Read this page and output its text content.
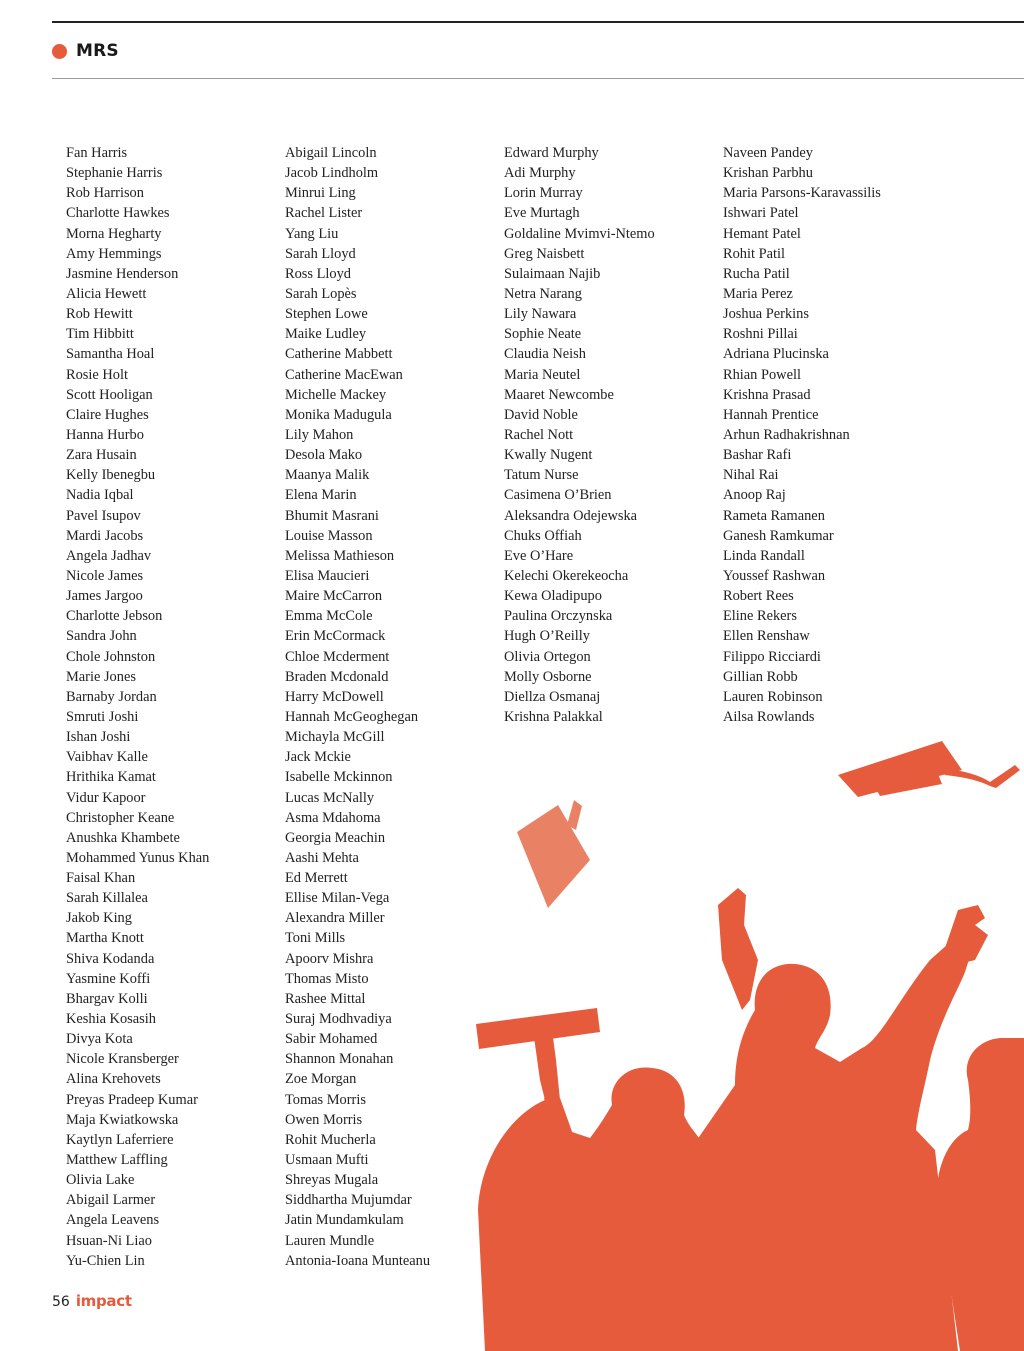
MRS
Fan Harris
Stephanie Harris
Rob Harrison
Charlotte Hawkes
Morna Hegharty
Amy Hemmings
Jasmine Henderson
Alicia Hewett
Rob Hewitt
Tim Hibbitt
Samantha Hoal
Rosie Holt
Scott Hooligan
Claire Hughes
Hanna Hurbo
Zara Husain
Kelly Ibenegbu
Nadia Iqbal
Pavel Isupov
Mardi Jacobs
Angela Jadhav
Nicole James
James Jargoo
Charlotte Jebson
Sandra John
Chole Johnston
Marie Jones
Barnaby Jordan
Smruti Joshi
Ishan Joshi
Vaibhav Kalle
Hrithika Kamat
Vidur Kapoor
Christopher Keane
Anushka Khambete
Mohammed Yunus Khan
Faisal Khan
Sarah Killalea
Jakob King
Martha Knott
Shiva Kodanda
Yasmine Koffi
Bhargav Kolli
Keshia Kosasih
Divya Kota
Nicole Kransberger
Alina Krehovets
Preyas Pradeep Kumar
Maja Kwiatkowska
Kaytlyn Laferriere
Matthew Laffling
Olivia Lake
Abigail Larmer
Angela Leavens
Hsuan-Ni Liao
Yu-Chien Lin
Abigail Lincoln
Jacob Lindholm
Minrui Ling
Rachel Lister
Yang Liu
Sarah Lloyd
Ross Lloyd
Sarah Lopès
Stephen Lowe
Maike Ludley
Catherine Mabbett
Catherine MacEwan
Michelle Mackey
Monika Madugula
Lily Mahon
Desola Mako
Maanya Malik
Elena Marin
Bhumit Masrani
Louise Masson
Melissa Mathieson
Elisa Maucieri
Maire McCarron
Emma McCole
Erin McCormack
Chloe Mcderment
Braden Mcdonald
Harry McDowell
Hannah McGeoghegan
Michayla McGill
Jack Mckie
Isabelle Mckinnon
Lucas McNally
Asma Mdahoma
Georgia Meachin
Aashi Mehta
Ed Merrett
Ellise Milan-Vega
Alexandra Miller
Toni Mills
Apoorv Mishra
Thomas Misto
Rashee Mittal
Suraj Modhvadiya
Sabir Mohamed
Shannon Monahan
Zoe Morgan
Tomas Morris
Owen Morris
Rohit Mucherla
Usmaan Mufti
Shreyas Mugala
Siddhartha Mujumdar
Jatin Mundamkulam
Lauren Mundle
Antonia-Ioana Munteanu
Edward Murphy
Adi Murphy
Lorin Murray
Eve Murtagh
Goldaline Mvimvi-Ntemo
Greg Naisbett
Sulaimaan Najib
Netra Narang
Lily Nawara
Sophie Neate
Claudia Neish
Maria Neutel
Maaret Newcombe
David Noble
Rachel Nott
Kwally Nugent
Tatum Nurse
Casimena O’Brien
Aleksandra Odejewska
Chuks Offiah
Eve O’Hare
Kelechi Okerekeocha
Kewa Oladipupo
Paulina Orczynska
Hugh O’Reilly
Olivia Ortegon
Molly Osborne
Diellza Osmanaj
Krishna Palakkal
Naveen Pandey
Krishan Parbhu
Maria Parsons-Karavassilis
Ishwari Patel
Hemant Patel
Rohit Patil
Rucha Patil
Maria Perez
Joshua Perkins
Roshni Pillai
Adriana Plucinska
Rhian Powell
Krishna Prasad
Hannah Prentice
Arhun Radhakrishnan
Bashar Rafi
Nihal Rai
Anoop Raj
Rameta Ramanen
Ganesh Ramkumar
Linda Randall
Youssef Rashwan
Robert Rees
Eline Rekers
Ellen Renshaw
Filippo Ricciardi
Gillian Robb
Lauren Robinson
Ailsa Rowlands
56 impact
